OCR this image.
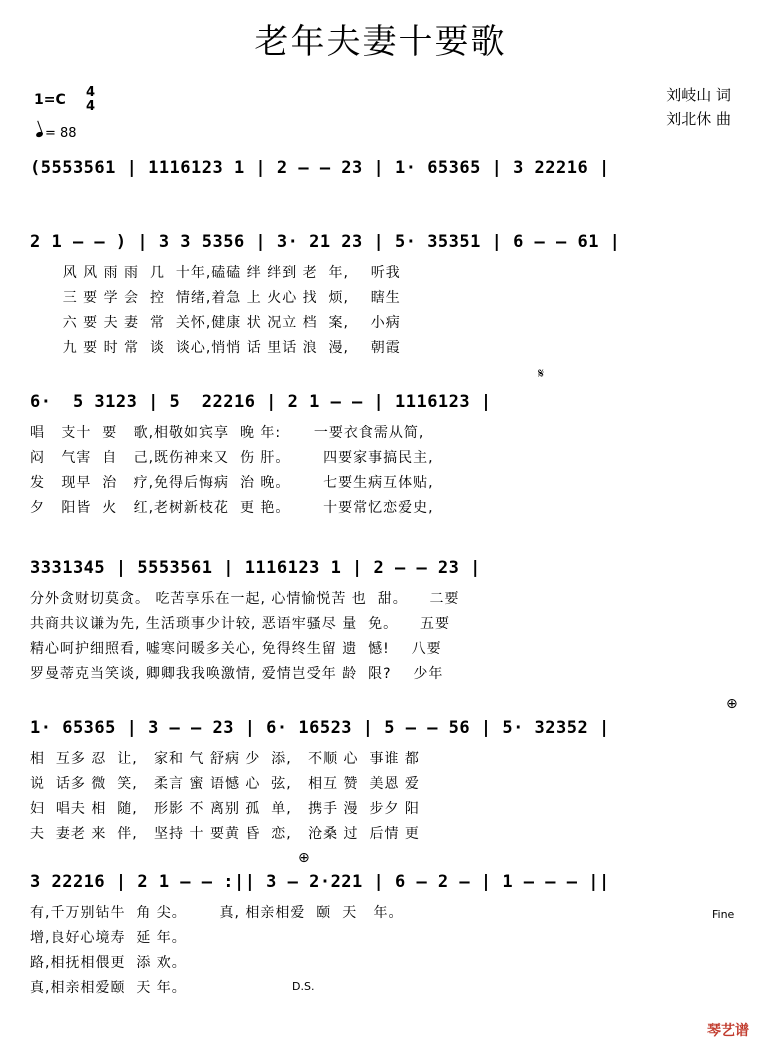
老年夫妻十要歌
1=C 4
4
= 88
刘岐山 词
刘北休 曲
(5553561 | 1116123 1 | 2 — — 23 | 1· 65365 | 3 22216 |
2 1 — — ) | 3 3 5356 | 3· 21 23 | 5· 35351 | 6 — — 61 |
风 风 雨 雨  几  十年,磕磕 绊 绊到 老  年,    听我
三 要 学 会  控  情绪,着急 上 火心 找  烦,    瞎生
六 要 夫 妻  常  关怀,健康 状 况立 档  案,    小病
九 要 时 常  谈  谈心,悄悄 话 里话 浪  漫,    朝霞
𝄋
6·  5 3123 | 5  22216 | 2 1 — — | 1116123 |
唱   支十  要   歌,相敬如宾享  晚 年:      一要衣食需从简,
闷   气害  自   己,既伤神来又  伤 肝。      四要家事搞民主,
发   现早  治   疗,免得后悔病  治 晚。      七要生病互体贴,
夕   阳皆  火   红,老树新枝花  更 艳。      十要常忆恋爱史,
3331345 | 5553561 | 1116123 1 | 2 — — 23 |
分外贪财切莫贪。 吃苦享乐在一起, 心情愉悦苦 也  甜。    二要
共商共议谦为先, 生活琐事少计较, 恶语牢骚尽 量  免。    五要
精心呵护细照看, 嘘寒问暖多关心, 免得终生留 遗  憾!    八要
罗曼蒂克当笑谈, 卿卿我我唤激情, 爱情岂受年 龄  限?    少年
⊕
1· 65365 | 3 — — 23 | 6· 16523 | 5 — — 56 | 5· 32352 |
相  互多 忍  让,   家和 气 舒病 少  添,   不顺 心  事谁 都
说  话多 微  笑,   柔言 蜜 语憾 心  弦,   相互 赞  美恩 爱
妇  唱夫 相  随,   形影 不 离别 孤  单,   携手 漫  步夕 阳
夫  妻老 来  伴,   坚持 十 要黄 昏  恋,   沧桑 过  后情 更
⊕
3 22216 | 2 1 — — :|| 3 — 2·221 | 6 — 2 — | 1 — — — ||
有,千万别钻牛  角 尖。      真, 相亲相爱  颐  天   年。
增,良好心境寿  延 年。
路,相抚相偎更  添 欢。
真,相亲相爱颐  天 年。
Fine
D.S.
琴艺谱
